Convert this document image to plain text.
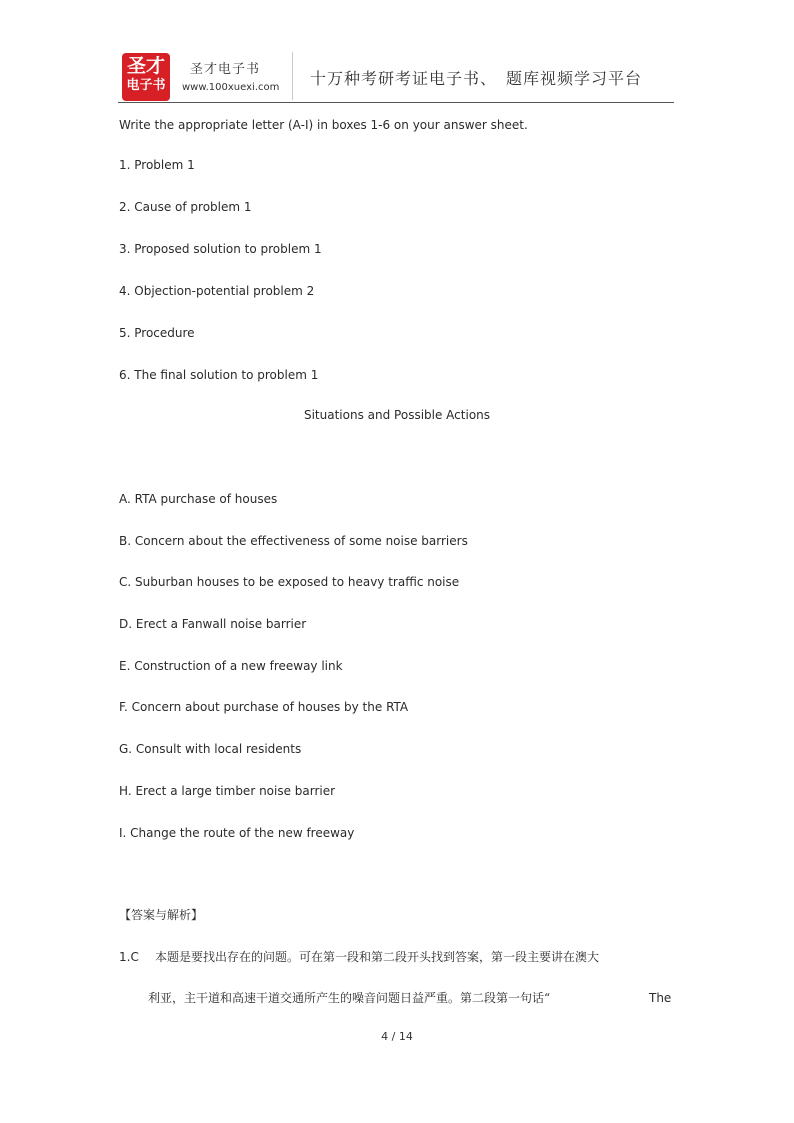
圣才
电子书
圣才电子书
www.100xuexi.com 十万种考研考证电子书、　题库视频学习平台
Write the appropriate letter (A-I) in boxes 1-6 on your answer sheet.
1. Problem 1
2. Cause of problem 1
3. Proposed solution to problem 1
4. Objection-potential problem 2
5. Procedure
6. The final solution to problem 1
Situations and Possible Actions
A. RTA purchase of houses
B. Concern about the effectiveness of some noise barriers
C. Suburban houses to be exposed to heavy traffic noise
D. Erect a Fanwall noise barrier
E. Construction of a new freeway link
F. Concern about purchase of houses by the RTA
G. Consult with local residents
H. Erect a large timber noise barrier
I. Change the route of the new freeway
【答案与解析】
1.C 本题是要找出存在的问题。可在第一段和第二段开头找到答案，第一段主要讲在澳大
利亚，主干道和高速干道交通所产生的噪音问题日益严重。第二段第一句话“	The
4 / 14
